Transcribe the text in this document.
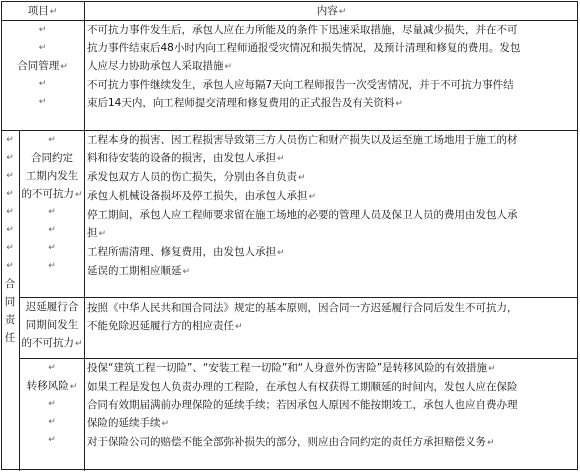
项目↵	内容↵
↵
↵
合同管理↵
↵
↵
不可抗力事件发生后，承包人应在力所能及的条件下迅速采取措施，尽量减少损失，并在不可
抗力事件结束后48小时内向工程师通报受灾情况和损失情况，及预计清理和修复的费用。发包
人应尽力协助承包人采取措施↵
不可抗力事件继续发生，承包人应每隔7天向工程师报告一次受害情况，并于不可抗力事件结
束后14天内，向工程师提交清理和修复费用的正式报告及有关资料↵
↵
↵
↵
↵
↵
↵
↵
↵
合
同
责
任
↵
合同约定
工期内发生
的不可抗力↵
↵
↵
↵
↵
工程本身的损害、因工程损害导致第三方人员伤亡和财产损失以及运至施工场地用于施工的材
料和待安装的设备的损害，由发包人承担↵
承发包双方人员的伤亡损失，分别由各自负责↵
承包人机械设备损坏及停工损失，由承包人承担↵
停工期间，承包人应工程师要求留在施工场地的必要的管理人员及保卫人员的费用由发包人承
担↵
工程所需清理、修复费用，由发包人承担↵
延误的工期相应顺延↵
迟延履行合
同期间发生
的不可抗力↵
按照《中华人民共和国合同法》规定的基本原则，因合同一方迟延履行合同后发生不可抗力，
不能免除迟延履行方的相应责任↵
↵
转移风险↵
↵
↵
↵
投保“建筑工程一切险”、“安装工程一切险”和“人身意外伤害险”是转移风险的有效措施↵
如果工程是发包人负责办理的工程险，在承包人有权获得工期顺延的时间内，发包人应在保险
合同有效期届满前办理保险的延续手续；若因承包人原因不能按期竣工，承包人也应自费办理
保险的延续手续↵
对于保险公司的赔偿不能全部弥补损失的部分，则应由合同约定的责任方承担赔偿义务↵
